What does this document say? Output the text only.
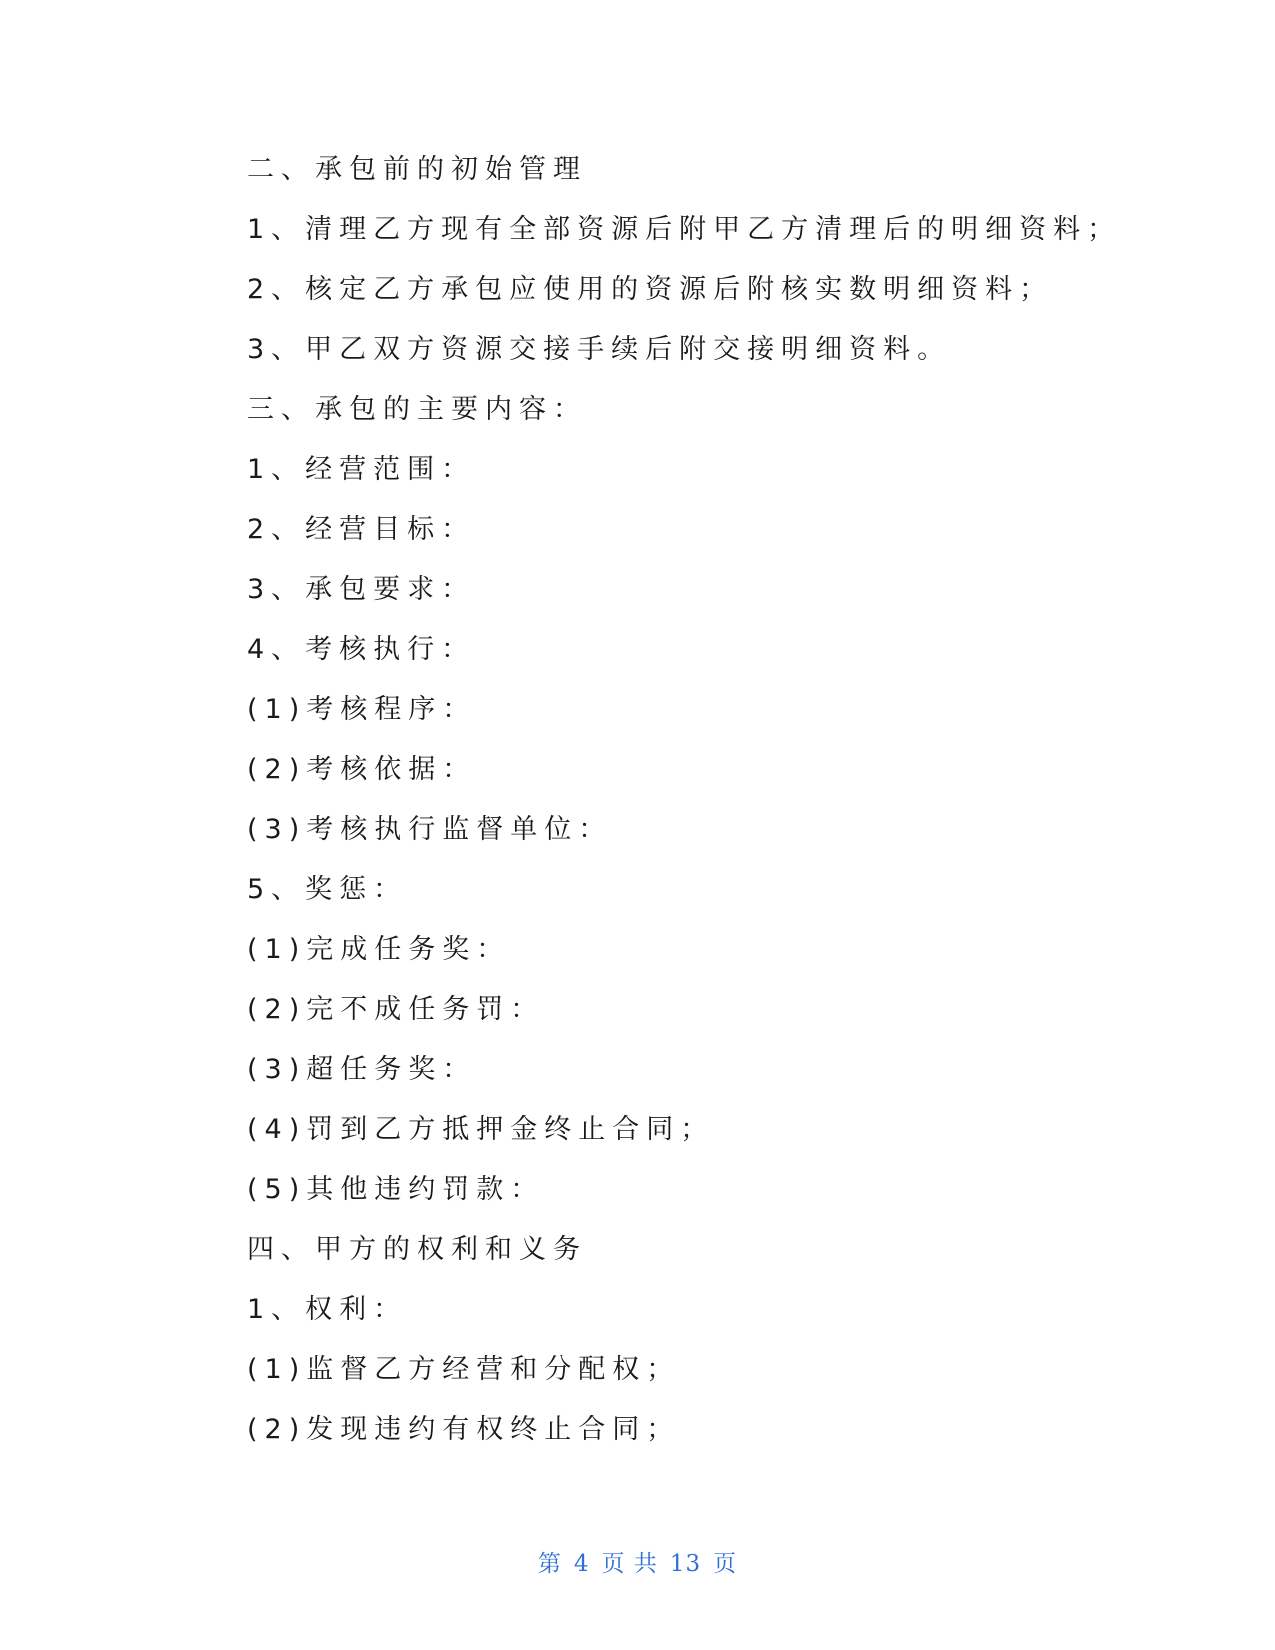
二、承包前的初始管理
1、清理乙方现有全部资源后附甲乙方清理后的明细资料；
2、核定乙方承包应使用的资源后附核实数明细资料；
3、甲乙双方资源交接手续后附交接明细资料。
三、承包的主要内容：
1、经营范围：
2、经营目标：
3、承包要求：
4、考核执行：
(1)考核程序：
(2)考核依据：
(3)考核执行监督单位：
5、奖惩：
(1)完成任务奖：
(2)完不成任务罚：
(3)超任务奖：
(4)罚到乙方抵押金终止合同；
(5)其他违约罚款：
四、甲方的权利和义务
1、权利：
(1)监督乙方经营和分配权；
(2)发现违约有权终止合同；
第 4 页 共 13 页
